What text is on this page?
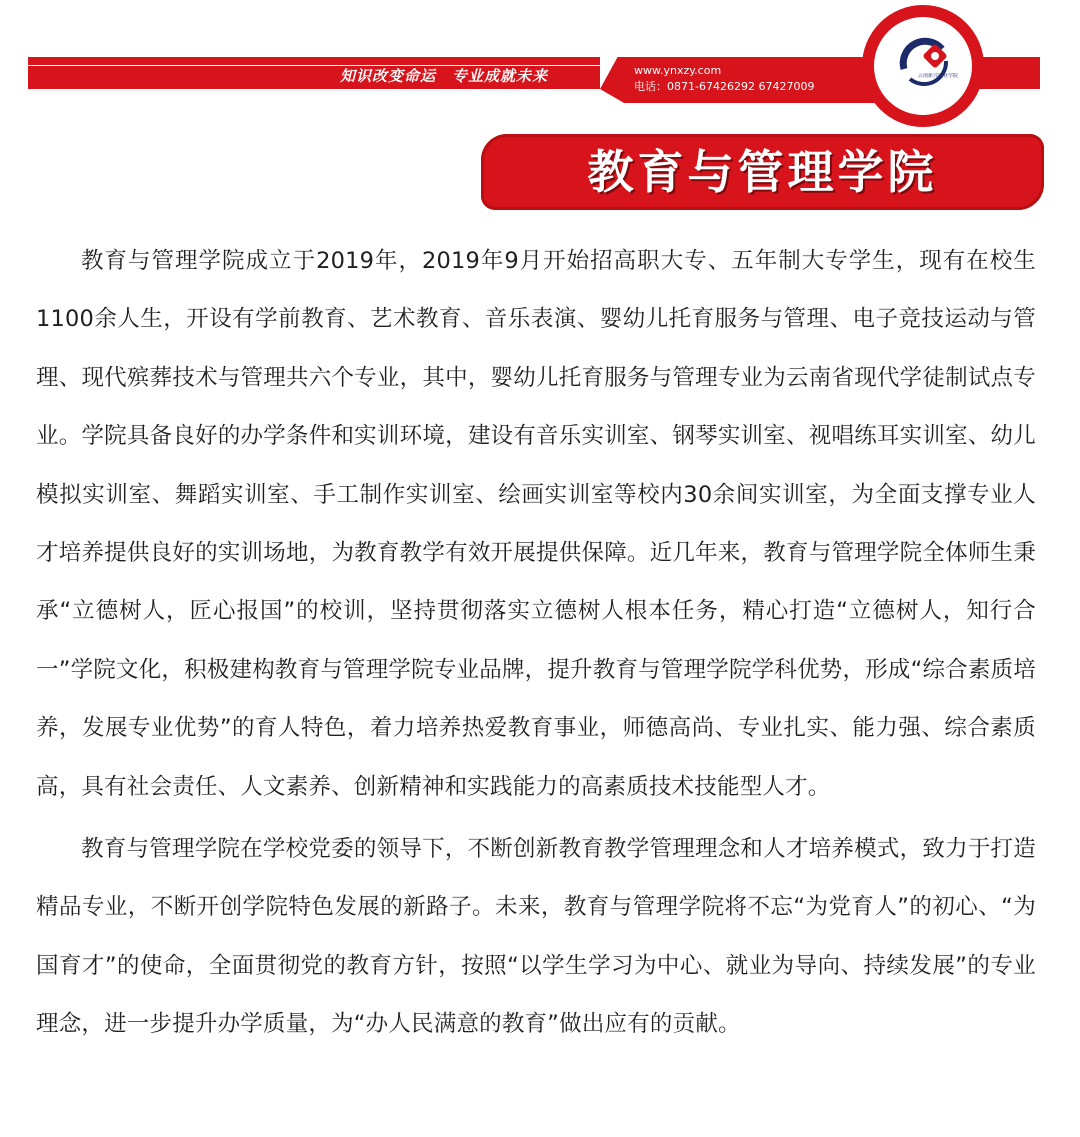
知识改变命运　专业成就未来	www.ynxzy.com
电话：0871-67426292 67427009
云南新兴职业学院
教育与管理学院

教育与管理学院成立于2019年，2019年9月开始招高职大专、五年制大专学生，现有在校生1100余人生，开设有学前教育、艺术教育、音乐表演、婴幼儿托育服务与管理、电子竞技运动与管理、现代殡葬技术与管理共六个专业，其中，婴幼儿托育服务与管理专业为云南省现代学徒制试点专业。学院具备良好的办学条件和实训环境，建设有音乐实训室、钢琴实训室、视唱练耳实训室、幼儿模拟实训室、舞蹈实训室、手工制作实训室、绘画实训室等校内30余间实训室，为全面支撑专业人才培养提供良好的实训场地，为教育教学有效开展提供保障。近几年来，教育与管理学院全体师生秉承“立德树人，匠心报国”的校训，坚持贯彻落实立德树人根本任务，精心打造“立德树人，知行合一”学院文化，积极建构教育与管理学院专业品牌，提升教育与管理学院学科优势，形成“综合素质培养，发展专业优势”的育人特色，着力培养热爱教育事业，师德高尚、专业扎实、能力强、综合素质高，具有社会责任、人文素养、创新精神和实践能力的高素质技术技能型人才。

教育与管理学院在学校党委的领导下，不断创新教育教学管理理念和人才培养模式，致力于打造精品专业，不断开创学院特色发展的新路子。未来，教育与管理学院将不忘“为党育人”的初心、“为国育才”的使命，全面贯彻党的教育方针，按照“以学生学习为中心、就业为导向、持续发展”的专业理念，进一步提升办学质量，为“办人民满意的教育”做出应有的贡献。
